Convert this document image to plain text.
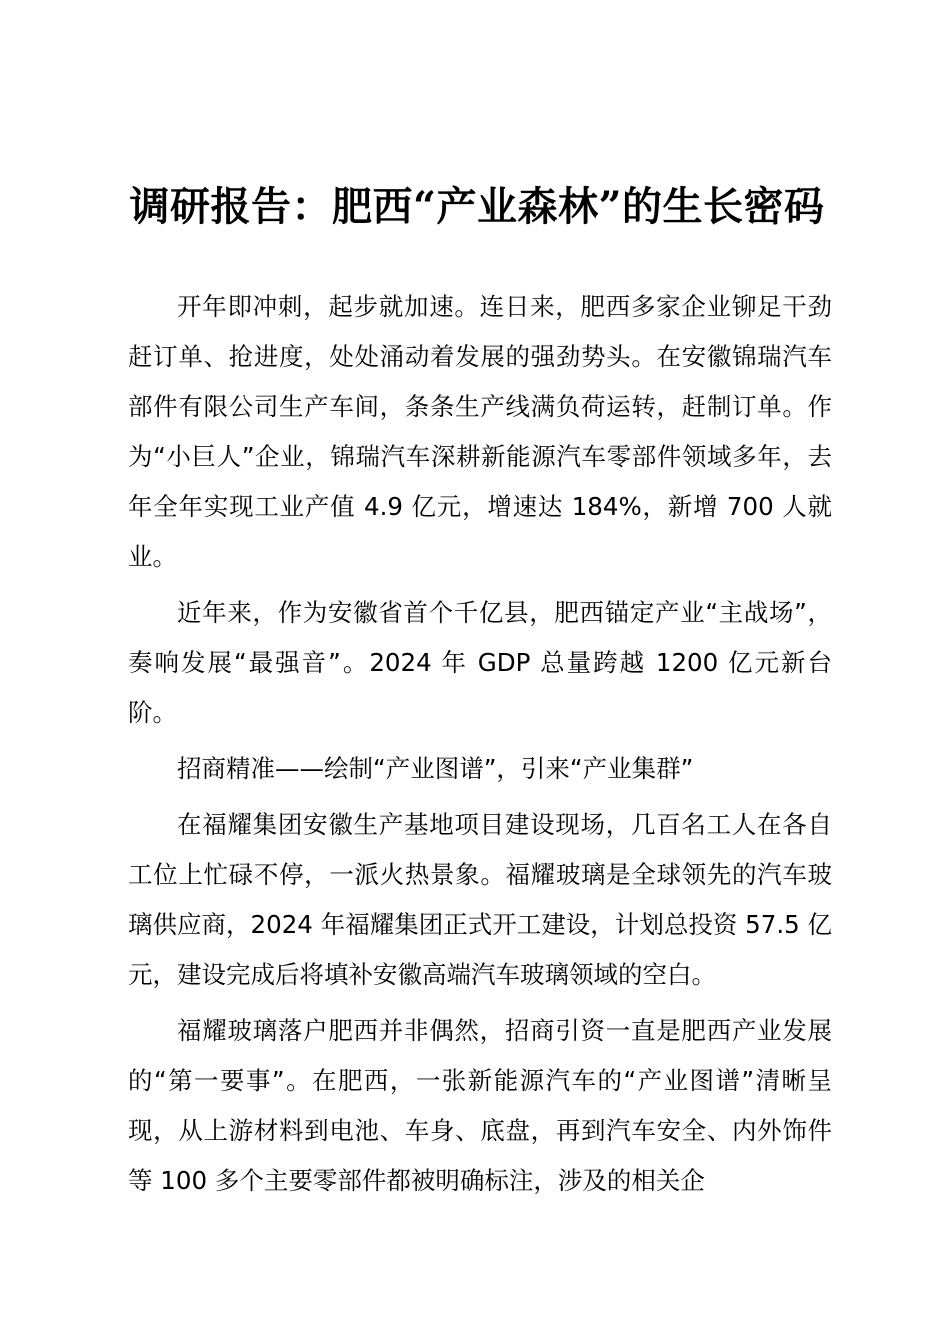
调研报告：肥西“产业森林”的生长密码

开年即冲刺，起步就加速。连日来，肥西多家企业铆足干劲赶订单、抢进度，处处涌动着发展的强劲势头。在安徽锦瑞汽车部件有限公司生产车间，条条生产线满负荷运转，赶制订单。作为“小巨人”企业，锦瑞汽车深耕新能源汽车零部件领域多年，去年全年实现工业产值 4.9 亿元，增速达 184%，新增 700 人就业。

近年来，作为安徽省首个千亿县，肥西锚定产业“主战场”，奏响发展“最强音”。2024 年 GDP 总量跨越 1200 亿元新台阶。

招商精准——绘制“产业图谱”，引来“产业集群”

在福耀集团安徽生产基地项目建设现场，几百名工人在各自工位上忙碌不停，一派火热景象。福耀玻璃是全球领先的汽车玻璃供应商，2024 年福耀集团正式开工建设，计划总投资 57.5 亿元，建设完成后将填补安徽高端汽车玻璃领域的空白。

福耀玻璃落户肥西并非偶然，招商引资一直是肥西产业发展的“第一要事”。在肥西，一张新能源汽车的“产业图谱”清晰呈现，从上游材料到电池、车身、底盘，再到汽车安全、内外饰件等 100 多个主要零部件都被明确标注，涉及的相关企
